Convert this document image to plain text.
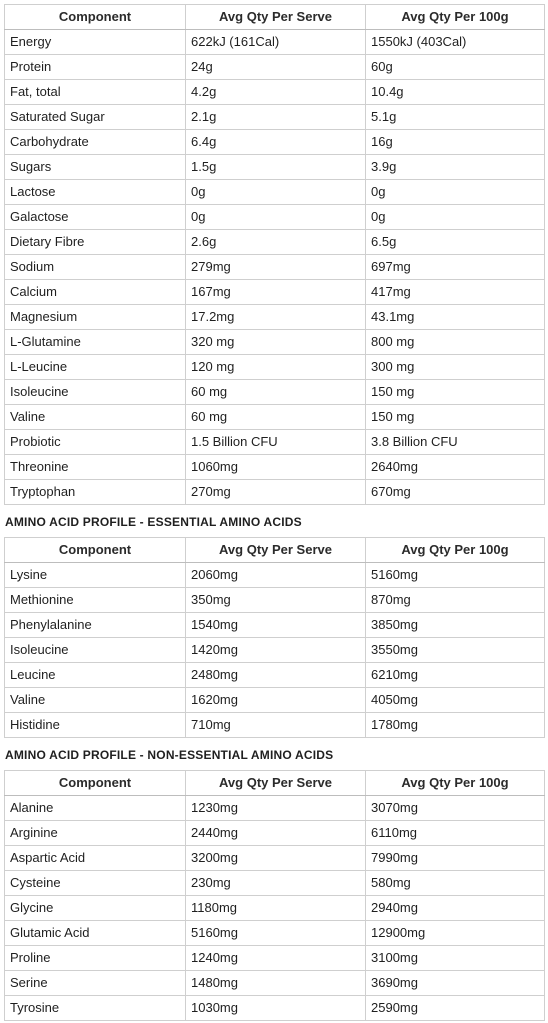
Component	Avg Qty Per Serve	Avg Qty Per 100g
Energy	622kJ (161Cal)	1550kJ (403Cal)
Protein	24g	60g
Fat, total	4.2g	10.4g
Saturated Sugar	2.1g	5.1g
Carbohydrate	6.4g	16g
Sugars	1.5g	3.9g
Lactose	0g	0g
Galactose	0g	0g
Dietary Fibre	2.6g	6.5g
Sodium	279mg	697mg
Calcium	167mg	417mg
Magnesium	17.2mg	43.1mg
L-Glutamine	320 mg	800 mg
L-Leucine	120 mg	300 mg
Isoleucine	60 mg	150 mg
Valine	60 mg	150 mg
Probiotic	1.5 Billion CFU	3.8 Billion CFU
Threonine	1060mg	2640mg
Tryptophan	270mg	670mg
AMINO ACID PROFILE - ESSENTIAL AMINO ACIDS
Component	Avg Qty Per Serve	Avg Qty Per 100g
Lysine	2060mg	5160mg
Methionine	350mg	870mg
Phenylalanine	1540mg	3850mg
Isoleucine	1420mg	3550mg
Leucine	2480mg	6210mg
Valine	1620mg	4050mg
Histidine	710mg	1780mg
AMINO ACID PROFILE - NON-ESSENTIAL AMINO ACIDS
Component	Avg Qty Per Serve	Avg Qty Per 100g
Alanine	1230mg	3070mg
Arginine	2440mg	6110mg
Aspartic Acid	3200mg	7990mg
Cysteine	230mg	580mg
Glycine	1180mg	2940mg
Glutamic Acid	5160mg	12900mg
Proline	1240mg	3100mg
Serine	1480mg	3690mg
Tyrosine	1030mg	2590mg
